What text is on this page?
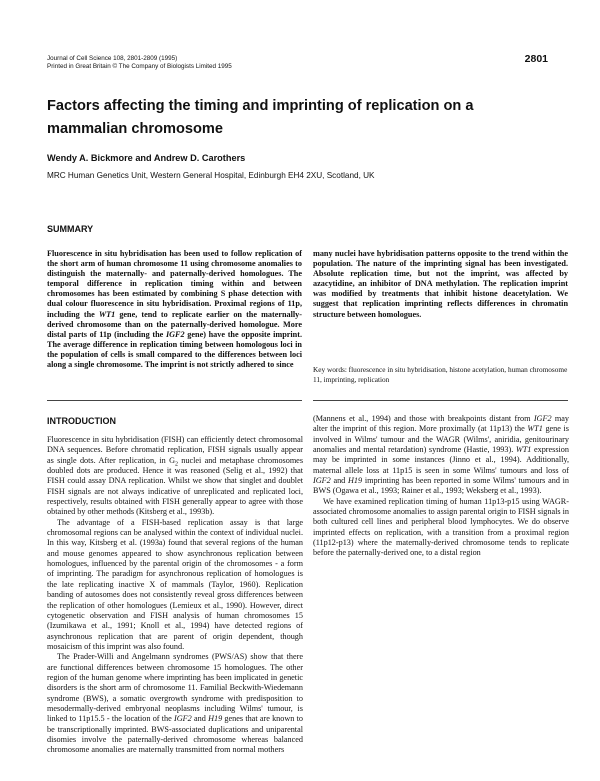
Journal of Cell Science 108, 2801-2809 (1995)
Printed in Great Britain © The Company of Biologists Limited 1995
2801
Factors affecting the timing and imprinting of replication on a mammalian chromosome
Wendy A. Bickmore and Andrew D. Carothers
MRC Human Genetics Unit, Western General Hospital, Edinburgh EH4 2XU, Scotland, UK
SUMMARY

Fluorescence in situ hybridisation has been used to follow replication of the short arm of human chromosome 11 using chromosome anomalies to distinguish the maternally- and paternally-derived homologues. The temporal difference in replication timing within and between chromosomes has been estimated by combining S phase detection with dual colour fluorescence in situ hybridisation. Proximal regions of 11p, including the WT1 gene, tend to replicate earlier on the maternally-derived chromosome than on the paternally-derived homologue. More distal parts of 11p (including the IGF2 gene) have the opposite imprint. The average difference in replication timing between homologous loci in the population of cells is small compared to the differences between loci along a single chromosome. The imprint is not strictly adhered to since

many nuclei have hybridisation patterns opposite to the trend within the population. The nature of the imprinting signal has been investigated. Absolute replication time, but not the imprint, was affected by azacytidine, an inhibitor of DNA methylation. The replication imprint was modified by treatments that inhibit histone deacetylation. We suggest that replication imprinting reflects differences in chromatin structure between homologues.

Key words: fluorescence in situ hybridisation, histone acetylation, human chromosome 11, imprinting, replication

INTRODUCTION

Fluorescence in situ hybridisation (FISH) can efficiently detect chromosomal DNA sequences. Before chromatid replication, FISH signals usually appear as single dots. After replication, in $G_2$ nuclei and metaphase chromosomes doubled dots are produced. Hence it was reasoned (Selig et al., 1992) that FISH could assay DNA replication. Whilst we show that singlet and doublet FISH signals are not always indicative of unreplicated and replicated loci, respectively, results obtained with FISH generally appear to agree with those obtained by other methods (Kitsberg et al., 1993b).

The advantage of a FISH-based replication assay is that large chromosomal regions can be analysed within the context of individual nuclei. In this way, Kitsberg et al. (1993a) found that several regions of the human and mouse genomes appeared to show asynchronous replication between homologues, influenced by the parental origin of the chromosomes - a form of imprinting. The paradigm for asynchronous replication of homologues is the late replicating inactive X of mammals (Taylor, 1960). Replication banding of autosomes does not consistently reveal gross differences between the replication of other homologues (Lemieux et al., 1990). However, direct cytogenetic observation and FISH analysis of human chromosomes 15 (Izumikawa et al., 1991; Knoll et al., 1994) have detected regions of asynchronous replication that are parent of origin dependent, though mosaicism of this imprint was also found.

The Prader-Willi and Angelmann syndromes (PWS/AS) show that there are functional differences between chromosome 15 homologues. The other region of the human genome where imprinting has been implicated in genetic disorders is the short arm of chromosome 11. Familial Beckwith-Wiedemann syndrome (BWS), a somatic overgrowth syndrome with predisposition to mesodermally-derived embryonal neoplasms including Wilms' tumour, is linked to 11p15.5 - the location of the IGF2 and H19 genes that are known to be transcriptionally imprinted. BWS-associated duplications and uniparental disomies involve the paternally-derived chromosome whereas balanced chromosome anomalies are maternally transmitted from normal mothers

(Mannens et al., 1994) and those with breakpoints distant from IGF2 may alter the imprint of this region. More proximally (at 11p13) the WT1 gene is involved in Wilms' tumour and the WAGR (Wilms', aniridia, genitourinary anomalies and mental retardation) syndrome (Hastie, 1993). WT1 expression may be imprinted in some instances (Jinno et al., 1994). Additionally, maternal allele loss at 11p15 is seen in some Wilms' tumours and loss of IGF2 and H19 imprinting has been reported in some Wilms' tumours and in BWS (Ogawa et al., 1993; Rainer et al., 1993; Weksberg et al., 1993).

We have examined replication timing of human 11p13-p15 using WAGR-associated chromosome anomalies to assign parental origin to FISH signals in both cultured cell lines and peripheral blood lymphocytes. We do observe imprinted effects on replication, with a transition from a proximal region (11p12-p13) where the maternally-derived chromosome tends to replicate before the paternally-derived one, to a distal region
